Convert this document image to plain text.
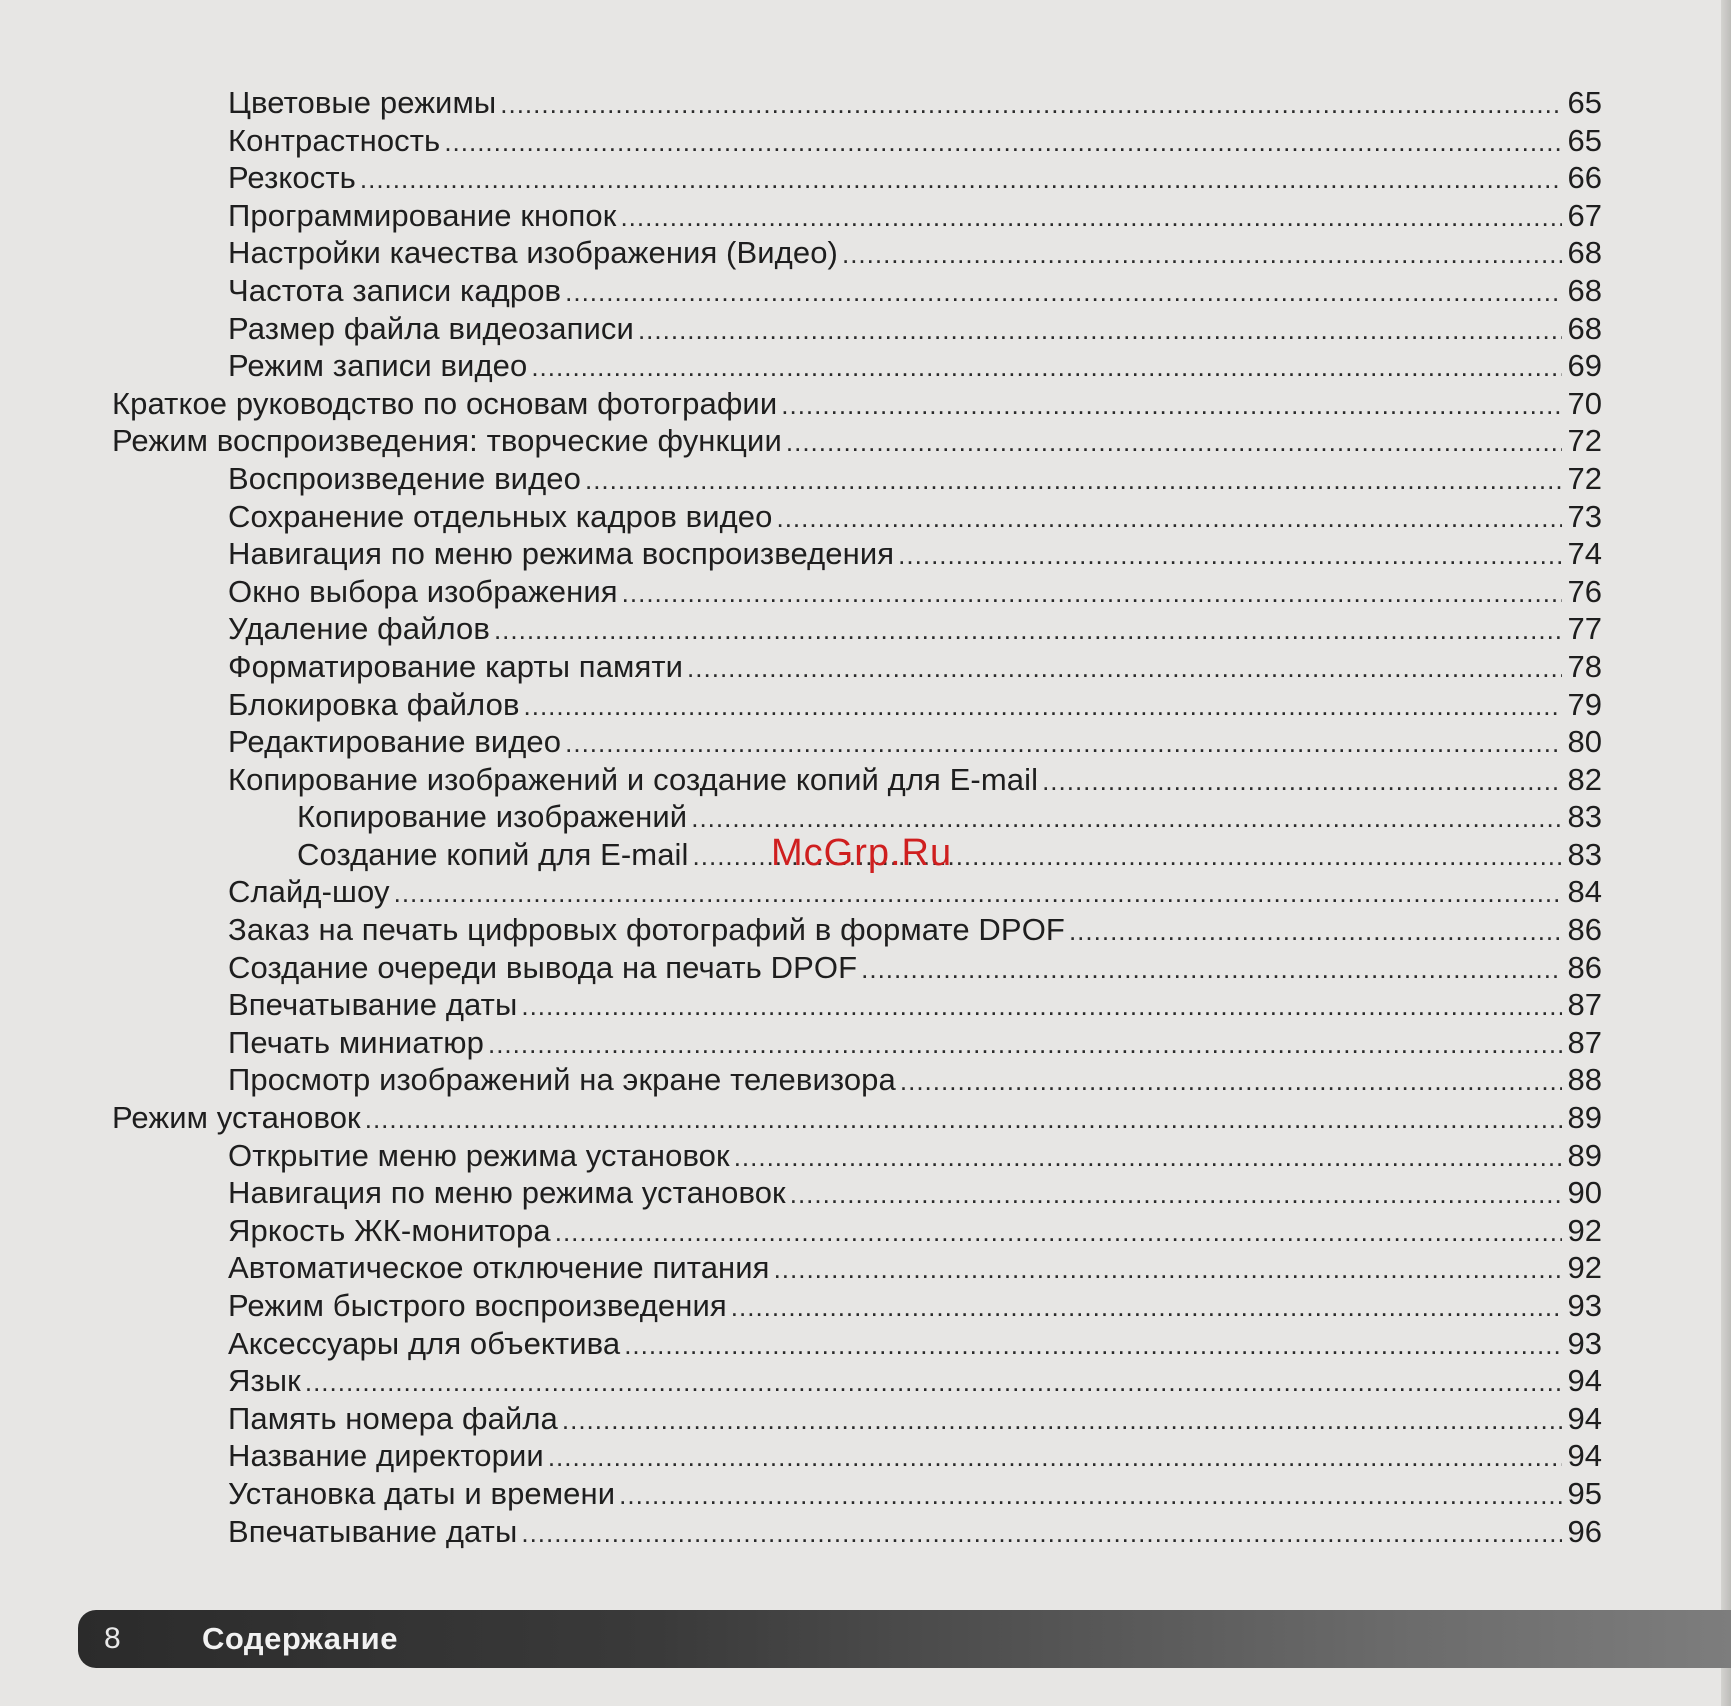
Цветовые режимы .....	65
Контрастность .....	65
Резкость .....	66
Программирование кнопок .....	67
Настройки качества изображения (Видео) .....	68
Частота записи кадров .....	68
Размер файла видеозаписи .....	68
Режим записи видео .....	69
Краткое руководство по основам фотографии .....	70
Режим воспроизведения: творческие функции .....	72
Воспроизведение видео .....	72
Сохранение отдельных кадров видео .....	73
Навигация по меню режима воспроизведения .....	74
Окно выбора изображения .....	76
Удаление файлов .....	77
Форматирование карты памяти .....	78
Блокировка файлов .....	79
Редактирование видео .....	80
Копирование изображений и создание копий для E-mail .....	82
Копирование изображений .....	83
Создание копий для E-mail .....	83
Слайд-шоу .....	84
Заказ на печать цифровых фотографий в формате DPOF .....	86
Создание очереди вывода на печать DPOF .....	86
Впечатывание даты .....	87
Печать миниатюр .....	87
Просмотр изображений на экране телевизора .....	88
Режим установок .....	89
Открытие меню режима установок .....	89
Навигация по меню режима установок .....	90
Яркость ЖК-монитора .....	92
Автоматическое отключение питания .....	92
Режим быстрого воспроизведения .....	93
Аксессуары для объектива .....	93
Язык .....	94
Память номера файла .....	94
Название директории .....	94
Установка даты и времени .....	95
Впечатывание даты .....	96
McGrp.Ru
8	Содержание
